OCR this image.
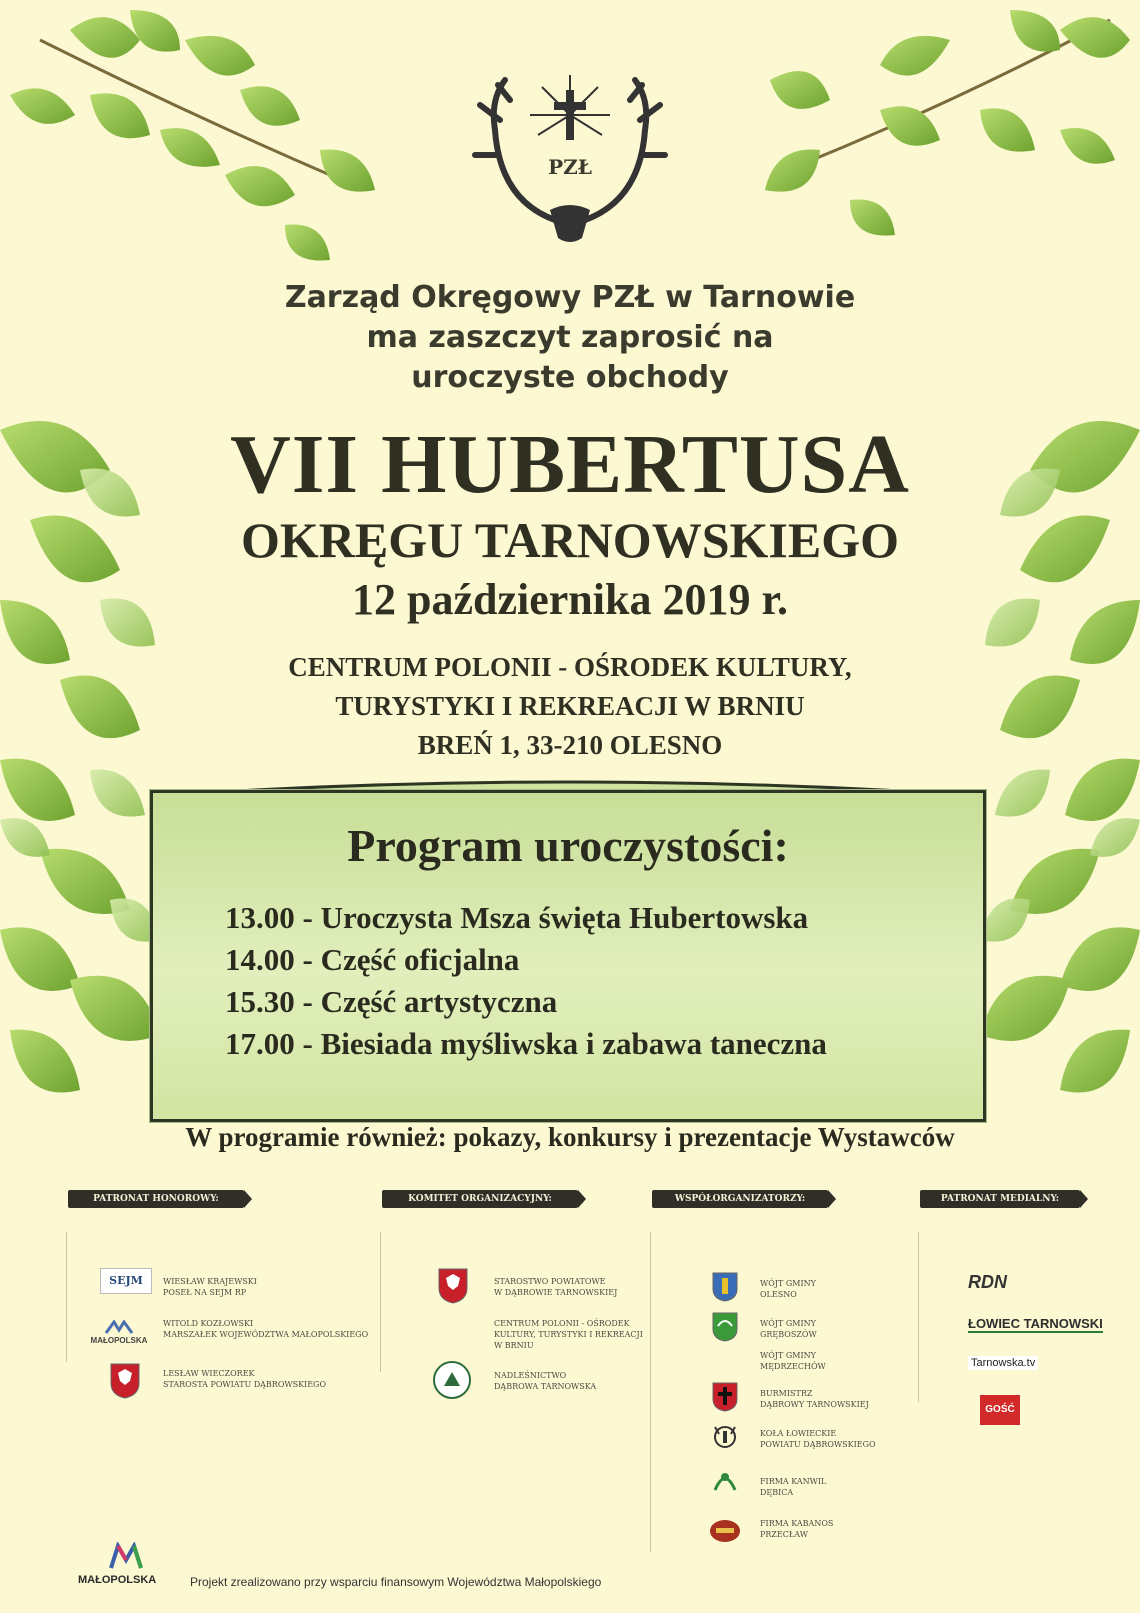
PZŁ
Zarząd Okręgowy PZŁ w Tarnowie
ma zaszczyt zaprosić na
uroczyste obchody
VII HUBERTUSA
OKRĘGU TARNOWSKIEGO
12 października 2019 r.
CENTRUM POLONII - OŚRODEK KULTURY,
TURYSTYKI I REKREACJI W BRNIU
BREŃ 1, 33-210 OLESNO
Program uroczystości:
13.00 - Uroczysta Msza święta Hubertowska
14.00 - Część oficjalna
15.30 - Część artystyczna
17.00 - Biesiada myśliwska i zabawa taneczna
W programie również: pokazy, konkursy i prezentacje Wystawców
PATRONAT HONOROWY:	KOMITET ORGANIZACYJNY:	WSPÓŁORGANIZATORZY:	PATRONAT MEDIALNY:
SEJM	WIESŁAW KRAJEWSKI
POSEŁ NA SEJM RP
MAŁOPOLSKA
WITOLD KOZŁOWSKI
MARSZAŁEK WOJEWÓDZTWA MAŁOPOLSKIEGO
LESŁAW WIECZOREK
STAROSTA POWIATU DĄBROWSKIEGO
STAROSTWO POWIATOWE
W DĄBROWIE TARNOWSKIEJ
CENTRUM POLONII - OŚRODEK
KULTURY, TURYSTYKI I REKREACJI
W BRNIU
NADLEŚNICTWO
DĄBROWA TARNOWSKA
WÓJT GMINY
OLESNO
WÓJT GMINY
GRĘBOSZÓW
WÓJT GMINY
MĘDRZECHÓW
BURMISTRZ
DĄBROWY TARNOWSKIEJ
KOŁA ŁOWIECKIE
POWIATU DĄBROWSKIEGO
FIRMA KANWIL
DĘBICA
FIRMA KABANOS
PRZECŁAW
RDN
ŁOWIEC TARNOWSKI
Tarnowska.tv
GOŚĆ
MAŁOPOLSKA	Projekt zrealizowano przy wsparciu finansowym Województwa Małopolskiego
